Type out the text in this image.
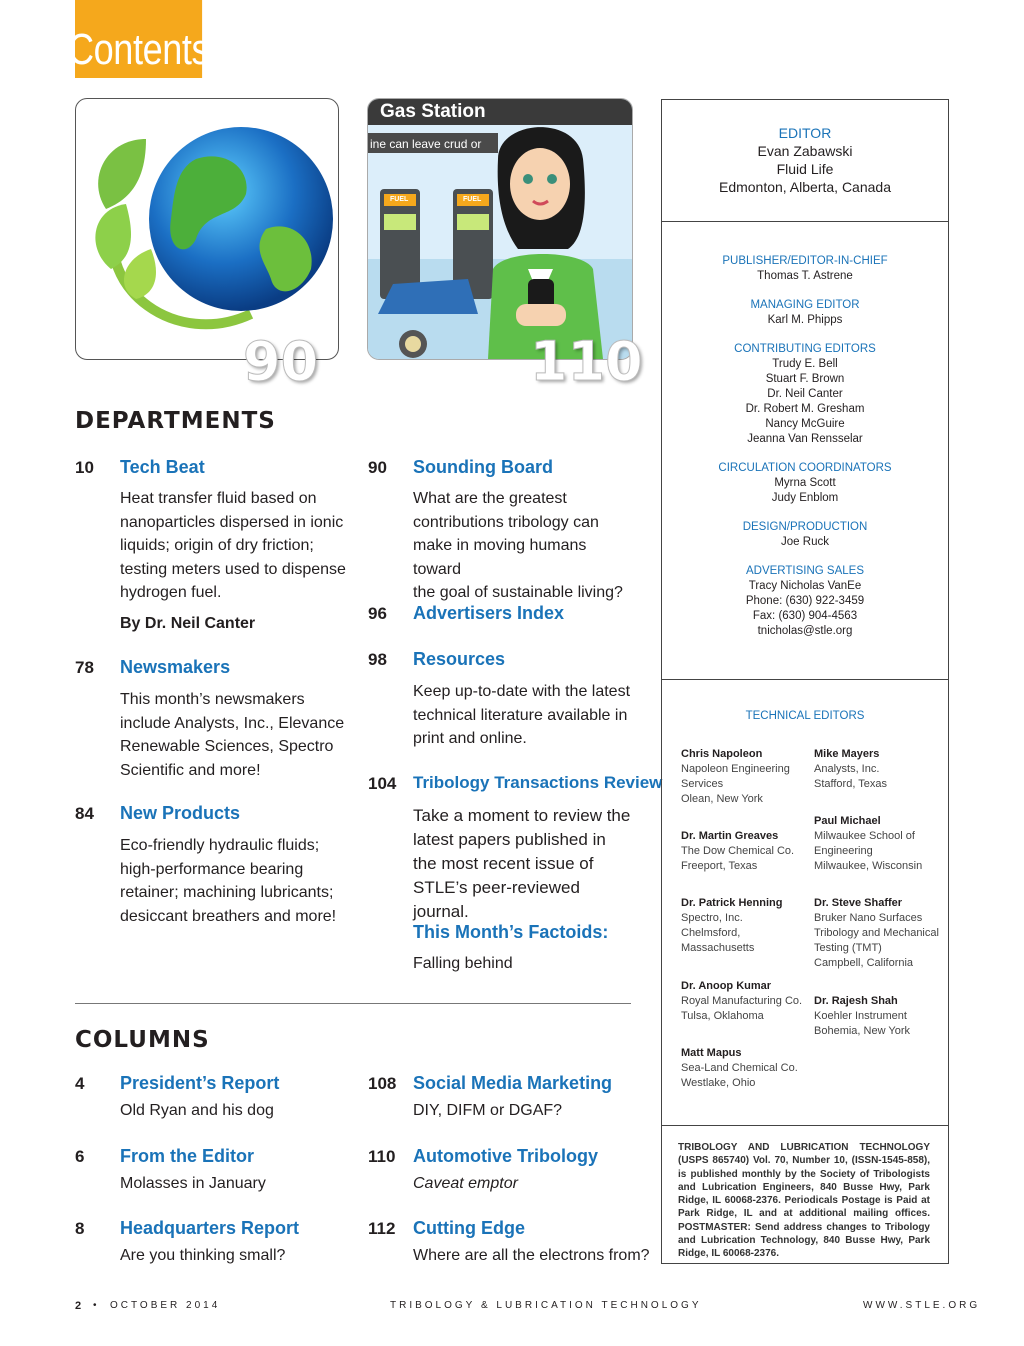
Contents
90
Gas Station
ine can leave crud or
FUEL	FUEL
110
DEPARTMENTS
10 Tech Beat
Heat transfer fluid based on
nanoparticles dispersed in ionic
liquids; origin of dry friction;
testing meters used to dispense
hydrogen fuel.
By Dr. Neil Canter
78 Newsmakers
This month’s newsmakers
include Analysts, Inc., Elevance
Renewable Sciences, Spectro
Scientific and more!
84 New Products
Eco-friendly hydraulic fluids;
high-performance bearing
retainer; machining lubricants;
desiccant breathers and more!
90 Sounding Board
What are the greatest
contributions tribology can
make in moving humans toward
the goal of sustainable living?
96 Advertisers Index
98 Resources
Keep up-to-date with the latest
technical literature available in
print and online.
104 Tribology Transactions Review
Take a moment to review the
latest papers published in
the most recent issue of
STLE’s peer-reviewed journal.
This Month’s Factoids:
Falling behind
COLUMNS
4 President’s Report
Old Ryan and his dog
6 From the Editor
Molasses in January
8 Headquarters Report
Are you thinking small?
108 Social Media Marketing
DIY, DIFM or DGAF?
110 Automotive Tribology
Caveat emptor
112 Cutting Edge
Where are all the electrons from?
EDITOR
Evan Zabawski
Fluid Life
Edmonton, Alberta, Canada
PUBLISHER/EDITOR-IN-CHIEF
Thomas T. Astrene
MANAGING EDITOR
Karl M. Phipps
CONTRIBUTING EDITORS
Trudy E. Bell
Stuart F. Brown
Dr. Neil Canter
Dr. Robert M. Gresham
Nancy McGuire
Jeanna Van Rensselar
CIRCULATION COORDINATORS
Myrna Scott
Judy Enblom
DESIGN/PRODUCTION
Joe Ruck
ADVERTISING SALES
Tracy Nicholas VanEe
Phone: (630) 922-3459
Fax: (630) 904-4563
tnicholas@stle.org
TECHNICAL EDITORS
Chris Napoleon
Napoleon Engineering
Services
Olean, New York
Dr. Martin Greaves
The Dow Chemical Co.
Freeport, Texas
Dr. Patrick Henning
Spectro, Inc.
Chelmsford,
Massachusetts
Dr. Anoop Kumar
Royal Manufacturing Co.
Tulsa, Oklahoma
Matt Mapus
Sea-Land Chemical Co.
Westlake, Ohio
Mike Mayers
Analysts, Inc.
Stafford, Texas
Paul Michael
Milwaukee School of
Engineering
Milwaukee, Wisconsin
Dr. Steve Shaffer
Bruker Nano Surfaces
Tribology and Mechanical
Testing (TMT)
Campbell, California
Dr. Rajesh Shah
Koehler Instrument
Bohemia, New York
TRIBOLOGY AND LUBRICATION TECHNOLOGY (USPS 865740) Vol. 70, Number 10, (ISSN-1545-858), is published monthly by the Society of Tribologists and Lubrication Engineers, 840 Busse Hwy, Park Ridge, IL 60068-2376. Periodicals Postage is Paid at Park Ridge, IL and at additional mailing offices. POSTMASTER: Send address changes to Tribology and Lubrication Technology, 840 Busse Hwy, Park Ridge, IL 60068-2376.
2 • OCTOBER 2014	TRIBOLOGY & LUBRICATION TECHNOLOGY	WWW.STLE.ORG
